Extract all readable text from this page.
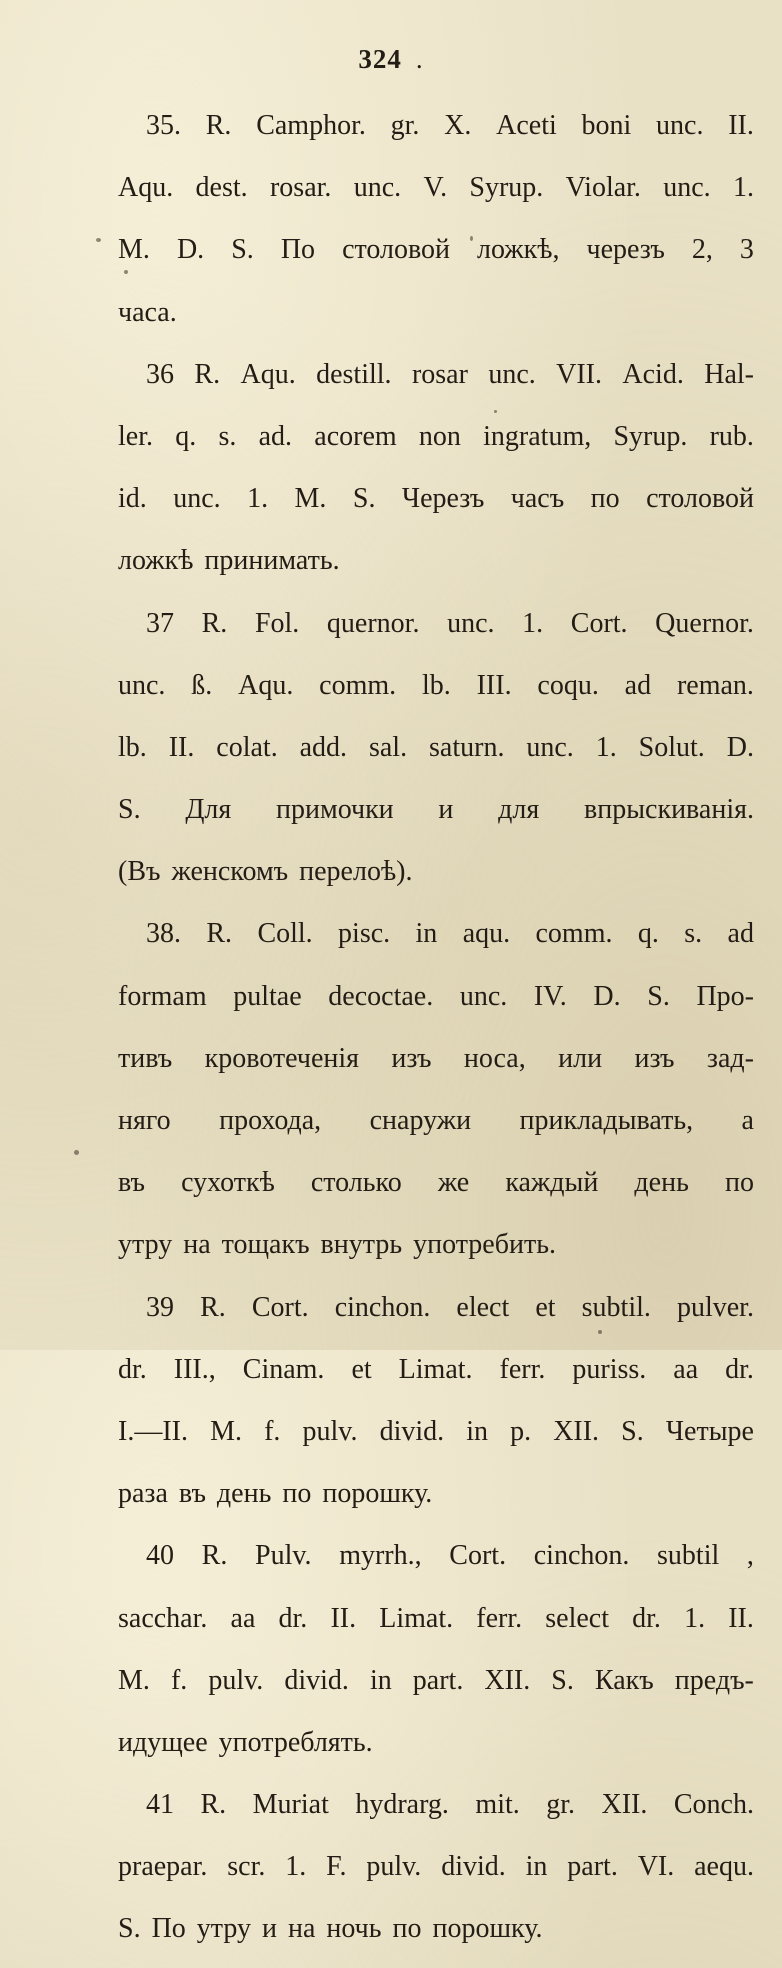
324 .
35. R. Camphor. gr. X. Aceti boni unc. II.
Aqu. dest. rosar. unc. V. Syrup. Violar. unc. 1.
M. D. S. По столовой ложкѣ, черезъ 2, 3
часа.
36 R. Aqu. destill. rosar unc. VII. Acid. Hal-
ler. q. s. ad. acorem non ingratum, Syrup. rub.
id. unc. 1. M. S. Черезъ часъ по столовой
ложкѣ принимать.
37 R. Fol. quernor. unc. 1. Cort. Quernor.
unc. ß. Aqu. comm. lb. III. coqu. ad reman.
lb. II. colat. add. sal. saturn. unc. 1. Solut. D.
S. Для примочки и для впрыскиванія.
(Въ женскомъ перелоѣ).
38. R. Coll. pisc. in aqu. comm. q. s. ad
formam pultae decoctae. unc. IV. D. S. Про-
тивъ кровотеченія изъ носа, или изъ зад-
няго прохода, снаружи прикладывать, а
въ сухоткѣ столько же каждый день по
утру на тощакъ внутрь употребить.
39 R. Cort. cinchon. elect et subtil. pulver.
dr. III., Cinam. et Limat. ferr. puriss. aa dr.
I.—II. M. f. pulv. divid. in p. XII. S. Четыре
раза въ день по порошку.
40 R. Pulv. myrrh., Cort. cinchon. subtil ,
sacchar. aa dr. II. Limat. ferr. select dr. 1. II.
M. f. pulv. divid. in part. XII. S. Какъ предъ-
идущее употреблять.
41 R. Muriat hydrarg. mit. gr. XII. Conch.
praepar. scr. 1. F. pulv. divid. in part. VI. aequ.
S. По утру и на ночь по порошку.
